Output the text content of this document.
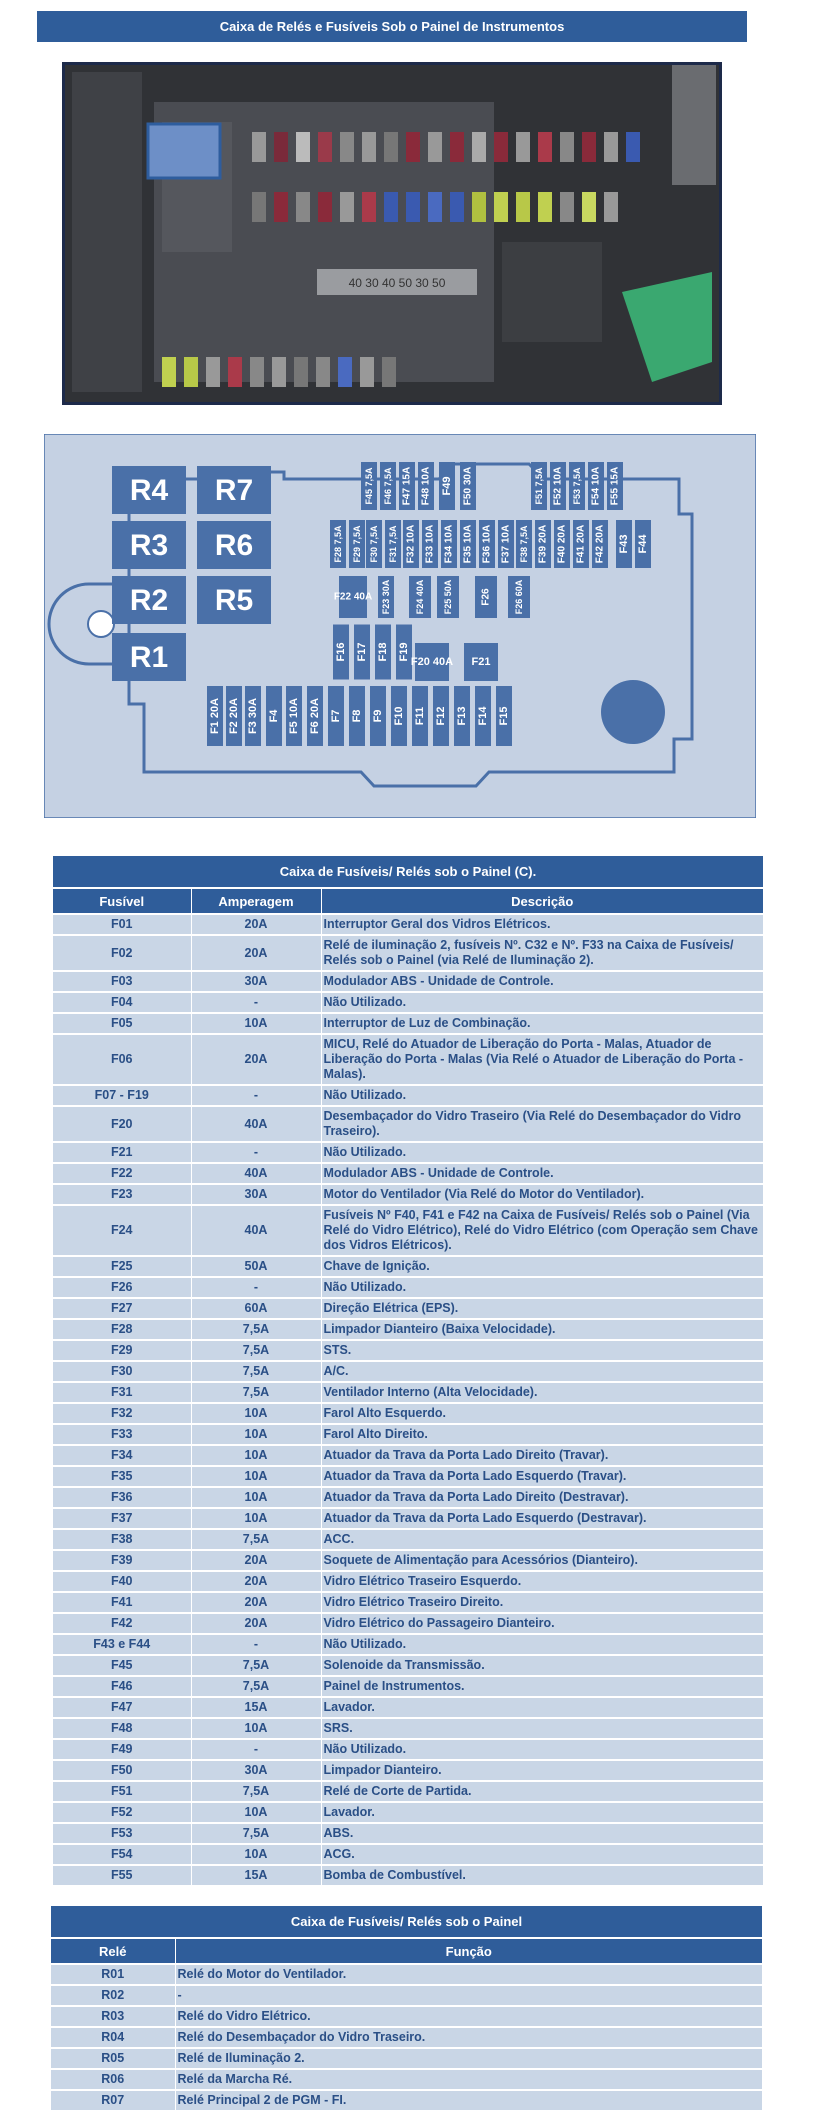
Caixa de Relés e Fusíveis Sob o Painel de Instrumentos
40 30 40 50 30 50
R4 R7
R3 R6
R2 R5
R1
F1 20A F2 20A F3 30A F4 F5 10A F6 20A F7 F8 F9 F10 F11 F12 F13 F14 F15
F16 F17 F18 F19
F20 40A F21
F22 40A F23 30A	F24 40A F25 50A	F26	F26 60A
F28 7,5A F29 7,5A F30 7,5A F31 7,5A F32 10A F33 10A F34 10A F35 10A F36 10A F37 10A F38 7,5A F39 20A F40 20A F41 20A F42 20A F43 F44
F45 7,5A F46 7,5A F47 15A F48 10A F49 F50 30A	F51 7,5A F52 10A F53 7,5A F54 10A F55 15A
Caixa de Fusíveis/ Relés sob o Painel (C).		
Fusível	Amperagem	Descrição
F01	20A	Interruptor Geral dos Vidros Elétricos.
F02	20A	Relé de iluminação 2, fusíveis Nº. C32 e Nº. F33 na Caixa de Fusíveis/ Relés sob o Painel (via Relé de Iluminação 2).
F03	30A	Modulador ABS - Unidade de Controle.
F04	-	Não Utilizado.
F05	10A	Interruptor de Luz de Combinação.
F06	20A	MICU, Relé do Atuador de Liberação do Porta - Malas, Atuador de Liberação do Porta - Malas (Via Relé o Atuador de Liberação do Porta - Malas).
F07 - F19	-	Não Utilizado.
F20	40A	Desembaçador do Vidro Traseiro (Via Relé do Desembaçador do Vidro Traseiro).
F21	-	Não Utilizado.
F22	40A	Modulador ABS - Unidade de Controle.
F23	30A	Motor do Ventilador (Via Relé do Motor do Ventilador).
F24	40A	Fusíveis Nº F40, F41 e F42 na Caixa de Fusíveis/ Relés sob o Painel (Via Relé do Vidro Elétrico), Relé do Vidro Elétrico (com Operação sem Chave dos Vidros Elétricos).
F25	50A	Chave de Ignição.
F26	-	Não Utilizado.
F27	60A	Direção Elétrica (EPS).
F28	7,5A	Limpador Dianteiro (Baixa Velocidade).
F29	7,5A	STS.
F30	7,5A	A/C.
F31	7,5A	Ventilador Interno (Alta Velocidade).
F32	10A	Farol Alto Esquerdo.
F33	10A	Farol Alto Direito.
F34	10A	Atuador da Trava da Porta Lado Direito (Travar).
F35	10A	Atuador da Trava da Porta Lado Esquerdo (Travar).
F36	10A	Atuador da Trava da Porta Lado Direito (Destravar).
F37	10A	Atuador da Trava da Porta Lado Esquerdo (Destravar).
F38	7,5A	ACC.
F39	20A	Soquete de Alimentação para Acessórios (Dianteiro).
F40	20A	Vidro Elétrico Traseiro Esquerdo.
F41	20A	Vidro Elétrico Traseiro Direito.
F42	20A	Vidro Elétrico do Passageiro Dianteiro.
F43 e F44	-	Não Utilizado.
F45	7,5A	Solenoide da Transmissão.
F46	7,5A	Painel de Instrumentos.
F47	15A	Lavador.
F48	10A	SRS.
F49	-	Não Utilizado.
F50	30A	Limpador Dianteiro.
F51	7,5A	Relé de Corte de Partida.
F52	10A	Lavador.
F53	7,5A	ABS.
F54	10A	ACG.
F55	15A	Bomba de Combustível.
Caixa de Fusíveis/ Relés sob o Painel	
Relé	Função
R01	Relé do Motor do Ventilador.
R02	-
R03	Relé do Vidro Elétrico.
R04	Relé do Desembaçador do Vidro Traseiro.
R05	Relé de Iluminação 2.
R06	Relé da Marcha Ré.
R07	Relé Principal 2 de PGM - FI.
